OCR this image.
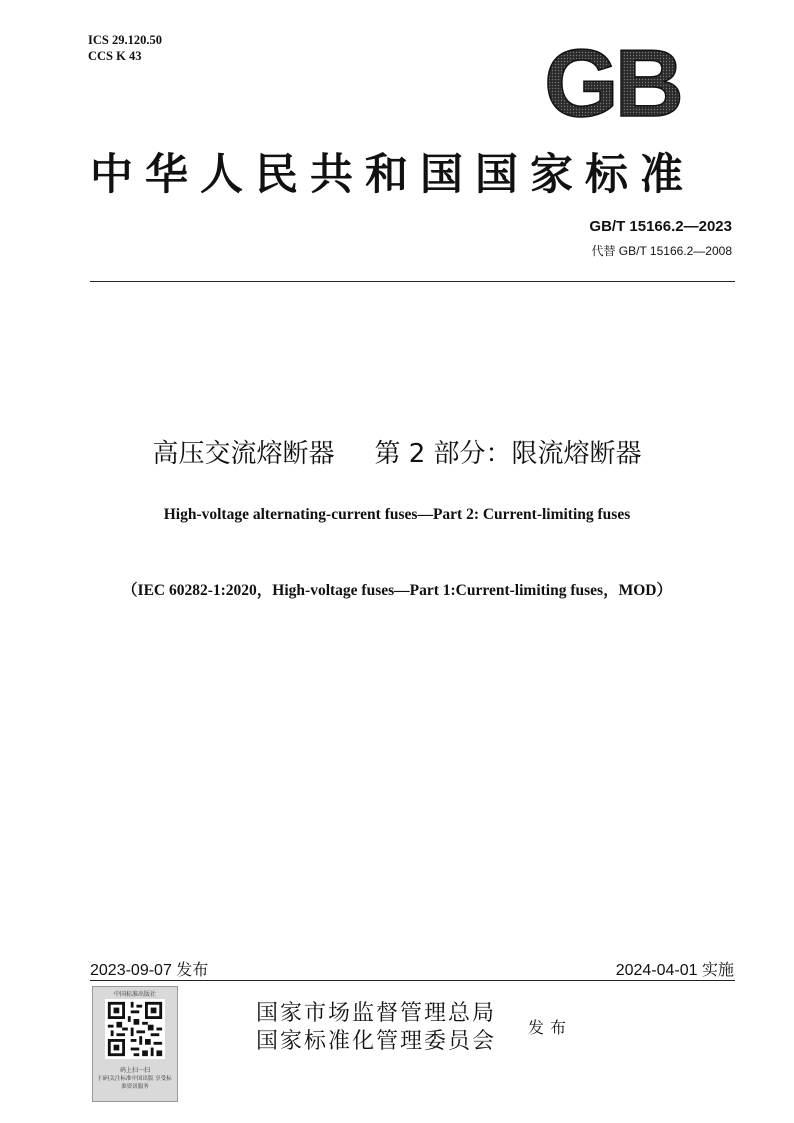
ICS 29.120.50
CCS K 43	GB
中华人民共和国国家标准
GB/T 15166.2—2023
代替 GB/T 15166.2—2008
高压交流熔断器 第 2 部分：限流熔断器
High-voltage alternating-current fuses—Part 2: Current-limiting fuses
（IEC 60282-1:2020，High-voltage fuses—Part 1:Current-limiting fuses，MOD）
2023-09-07 发布	2024-04-01 实施
中国标准出版社
码上扫一扫
扫码关注标准中国出版 享受标准资讯服务
国家市场监督管理总局
国家标准化管理委员会
发布
